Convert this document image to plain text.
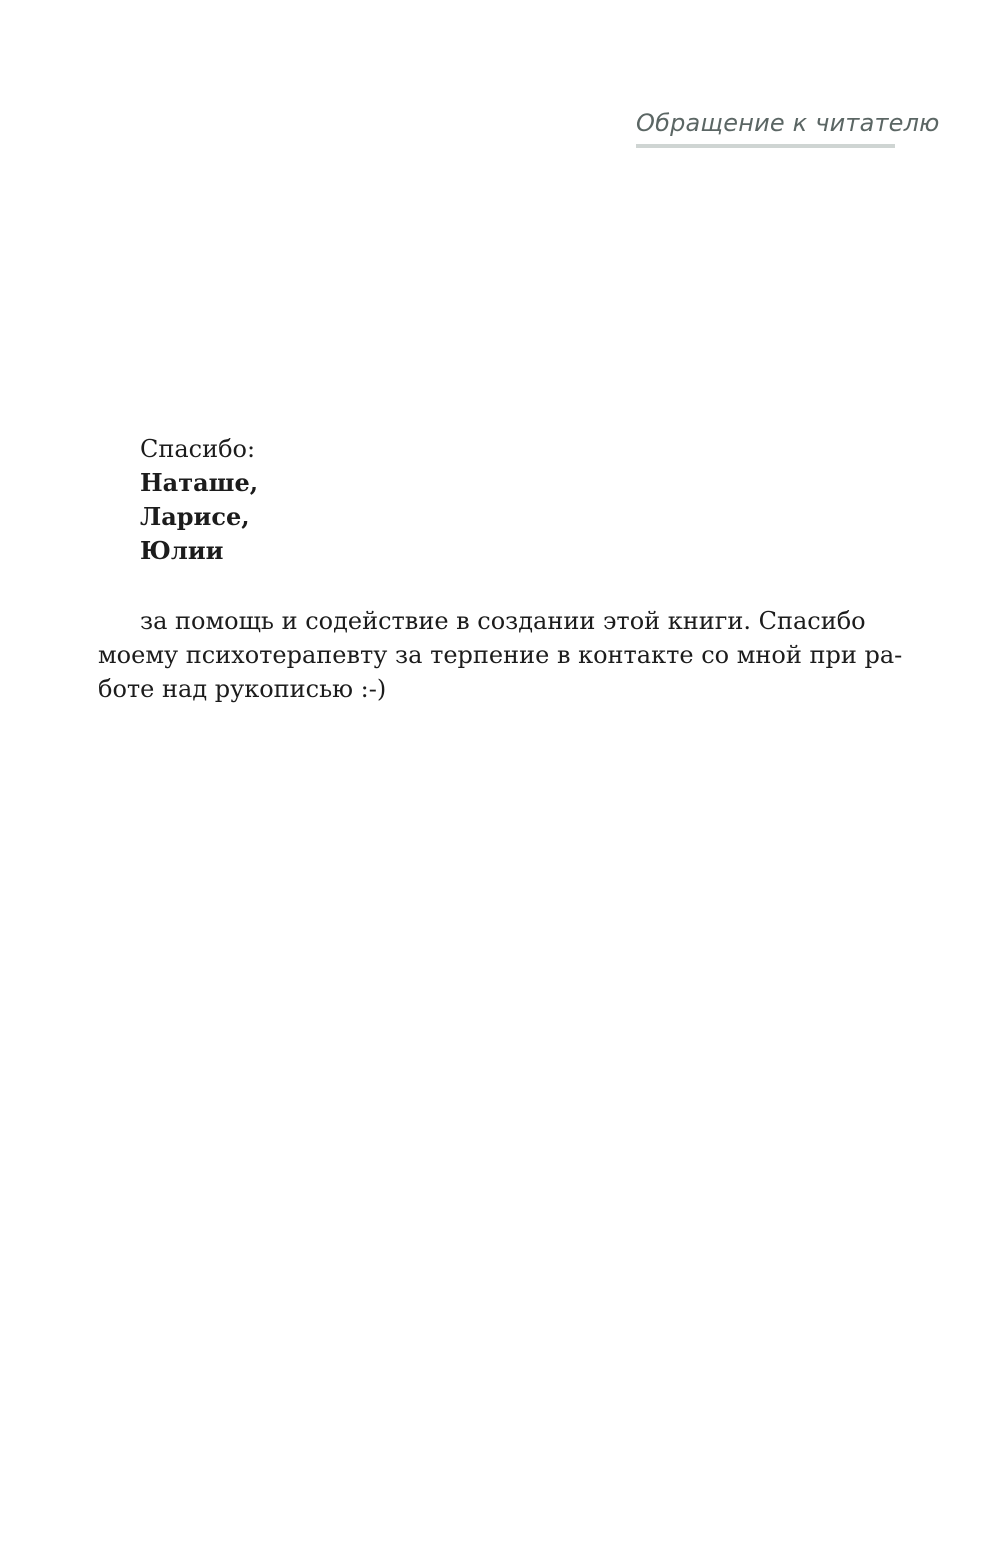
Обращение к читателю
Спасибо:
Наташе,
Ларисе,
Юлии

за помощь и содействие в создании этой книги. Спасибо
моему психотерапевту за терпение в контакте со мной при ра-
боте над рукописью :-)
